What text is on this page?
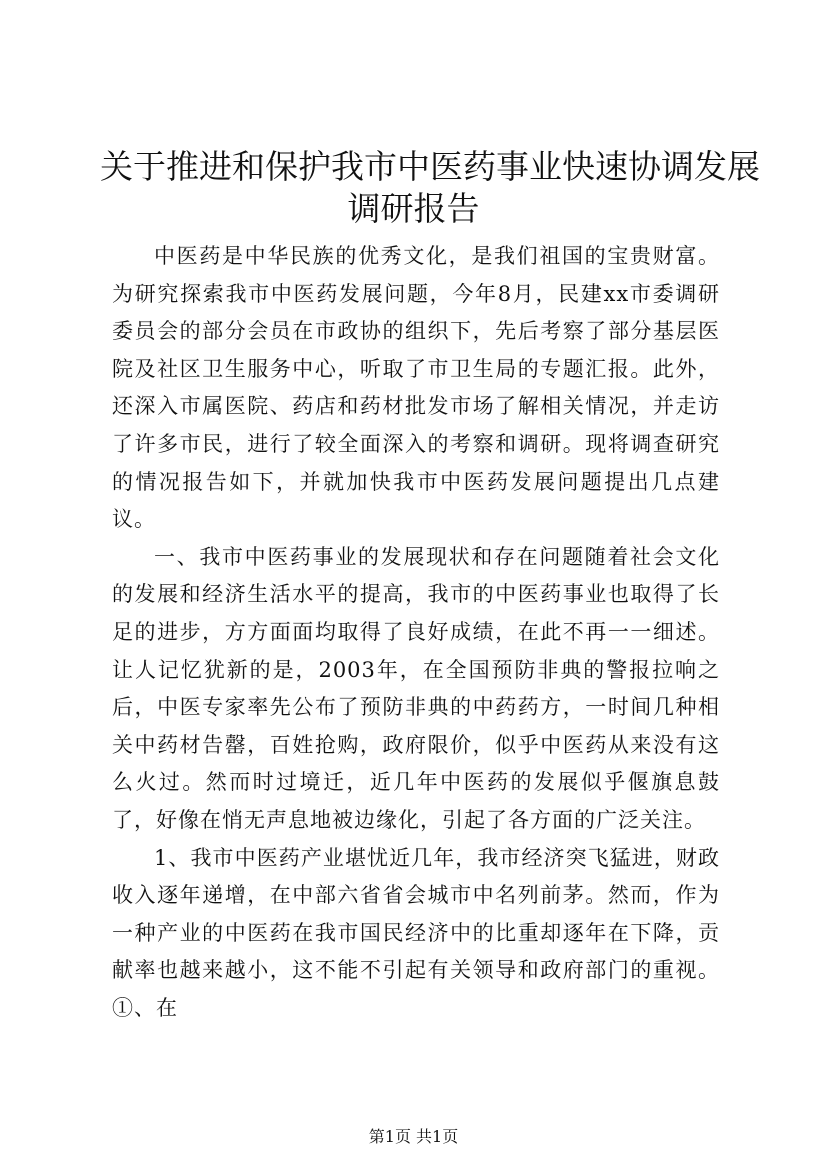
关于推进和保护我市中医药事业快速协调发展
调研报告

中医药是中华民族的优秀文化，是我们祖国的宝贵财富。为研究探索我市中医药发展问题，今年8月，民建xx市委调研委员会的部分会员在市政协的组织下，先后考察了部分基层医院及社区卫生服务中心，听取了市卫生局的专题汇报。此外，还深入市属医院、药店和药材批发市场了解相关情况，并走访了许多市民，进行了较全面深入的考察和调研。现将调查研究的情况报告如下，并就加快我市中医药发展问题提出几点建议。

一、我市中医药事业的发展现状和存在问题随着社会文化的发展和经济生活水平的提高，我市的中医药事业也取得了长足的进步，方方面面均取得了良好成绩，在此不再一一细述。让人记忆犹新的是，2003年，在全国预防非典的警报拉响之后，中医专家率先公布了预防非典的中药药方，一时间几种相关中药材告罄，百姓抢购，政府限价，似乎中医药从来没有这么火过。然而时过境迁，近几年中医药的发展似乎偃旗息鼓了，好像在悄无声息地被边缘化，引起了各方面的广泛关注。

1、我市中医药产业堪忧近几年，我市经济突飞猛进，财政收入逐年递增，在中部六省省会城市中名列前茅。然而，作为一种产业的中医药在我市国民经济中的比重却逐年在下降，贡献率也越来越小，这不能不引起有关领导和政府部门的重视。①、在

第1页 共1页
